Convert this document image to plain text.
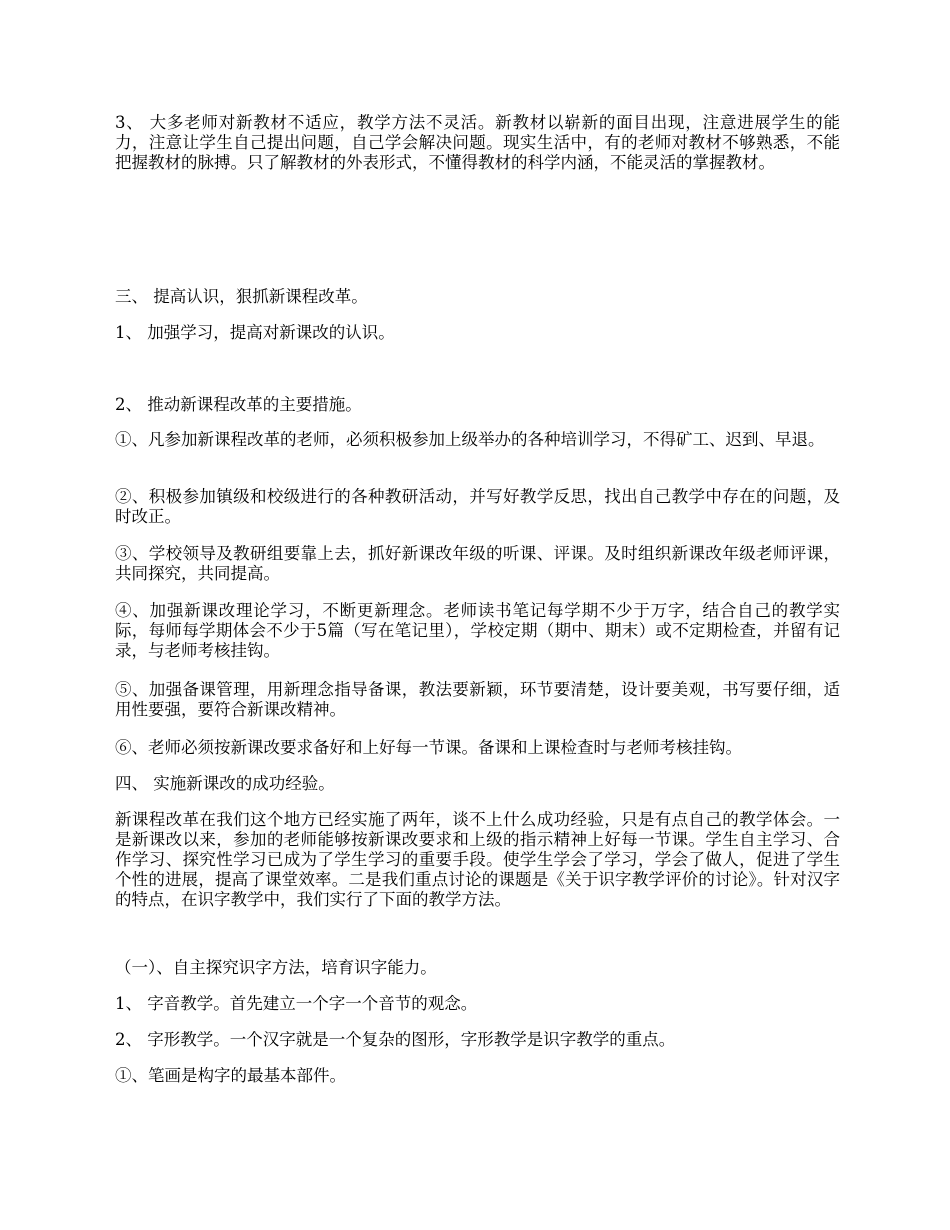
3、 大多老师对新教材不适应，教学方法不灵活。新教材以崭新的面目出现，注意进展学生的能力，注意让学生自己提出问题，自己学会解决问题。现实生活中，有的老师对教材不够熟悉，不能把握教材的脉搏。只了解教材的外表形式，不懂得教材的科学内涵，不能灵活的掌握教材。

三、 提高认识，狠抓新课程改革。

1、 加强学习，提高对新课改的认识。

2、 推动新课程改革的主要措施。

①、凡参加新课程改革的老师，必须积极参加上级举办的各种培训学习，不得矿工、迟到、早退。

②、积极参加镇级和校级进行的各种教研活动，并写好教学反思，找出自己教学中存在的问题，及时改正。

③、学校领导及教研组要靠上去，抓好新课改年级的听课、评课。及时组织新课改年级老师评课，共同探究，共同提高。

④、加强新课改理论学习，不断更新理念。老师读书笔记每学期不少于万字，结合自己的教学实际，每师每学期体会不少于5篇（写在笔记里），学校定期（期中、期末）或不定期检查，并留有记录，与老师考核挂钩。

⑤、加强备课管理，用新理念指导备课，教法要新颖，环节要清楚，设计要美观，书写要仔细，适用性要强，要符合新课改精神。

⑥、老师必须按新课改要求备好和上好每一节课。备课和上课检查时与老师考核挂钩。

四、 实施新课改的成功经验。

新课程改革在我们这个地方已经实施了两年，谈不上什么成功经验，只是有点自己的教学体会。一是新课改以来，参加的老师能够按新课改要求和上级的指示精神上好每一节课。学生自主学习、合作学习、探究性学习已成为了学生学习的重要手段。使学生学会了学习，学会了做人，促进了学生个性的进展，提高了课堂效率。二是我们重点讨论的课题是《关于识字教学评价的讨论》。针对汉字的特点，在识字教学中，我们实行了下面的教学方法。

（一）、自主探究识字方法，培育识字能力。

1、 字音教学。首先建立一个字一个音节的观念。

2、 字形教学。一个汉字就是一个复杂的图形，字形教学是识字教学的重点。

①、笔画是构字的最基本部件。
